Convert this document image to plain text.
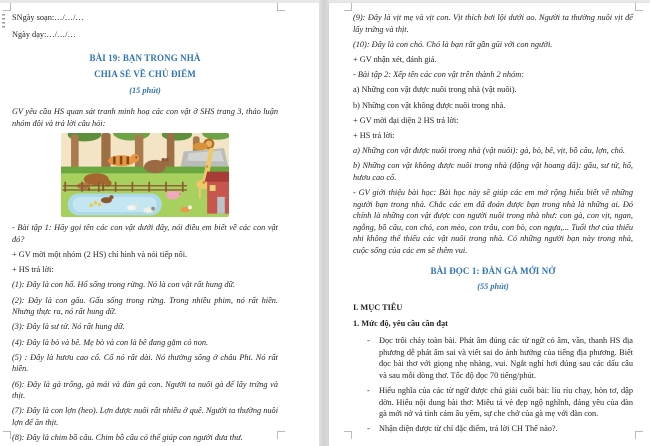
SNgày soạn:…/…/…

Ngày dạy:…/…/…

BÀI 19: BẠN TRONG NHÀ

CHIA SẺ VỀ CHỦ ĐIỂM

(15 phút)

GV yêu cầu HS quan sát tranh minh hoạ các con vật ở SHS trang 3, thảo luận nhóm đôi và trả lời câu hỏi:

- Bài tập 1: Hãy gọi tên các con vật dưới đây, nói điều em biết về các con vật đó?

+ GV mời một nhóm (2 HS) chỉ hình và nói tiếp nối.

+ HS trả lời:

(1): Đây là con hổ. Hổ sống trong rừng. Nó là con vật rất hung dữ.

(2): Đây là con gấu. Gấu sống trong rừng. Trong nhiều phim, nó rất hiền. Nhưng thực ra, nó rất hung dữ.

(3): Đây là sư tử. Nó rất hung dữ.

(4): Đây là bò và bê. Mẹ bò và con là bê đang gặm cỏ non.

(5) : Đây là hươu cao cổ. Cổ nó rất dài. Nó thường sống ở châu Phi. Nó rất hiền.

(6): Đây là gà trống, gà mái và đàn gà con. Người ta nuôi gà để lấy trứng và thịt.

(7): Đây là con lợn (heo). Lợn được nuôi rất nhiều ở quê. Người ta thường nuôi lợn để ăn thịt.

(8): Đây là chim bồ câu. Chim bồ câu có thể giúp con người đưa thư.

(9): Đây là vịt mẹ và vịt con. Vịt thích bơi lội dưới ao. Người ta thường nuôi vịt để lấy trứng và thịt.

(10): Đây là con chó. Chó là bạn rất gần gũi với con người.

+ GV nhận xét, đánh giá.

- Bài tập 2: Xếp tên các con vật trên thành 2 nhóm:

a) Những con vật được nuôi trong nhà (vật nuôi).

b) Những con vật không được nuôi trong nhà.

+ GV mời đại diện 2 HS trả lời:

+ HS trả lời:

a) Những con vật được nuôi trong nhà (vật nuôi): gà, bò, bê, vịt, bồ câu, lợn, chó.

b) Những con vật không được nuôi trong nhà (động vật hoang dã): gấu, sư tử, hổ, hươu cao cổ.

- GV giới thiệu bài học: Bài học này sẽ giúp các em mở rộng hiểu biết về những người bạn trong nhà. Chắc các em đã đoán được bạn trong nhà là những ai. Đó chính là những con vật được con người nuôi trong nhà như: con gà, con vịt, ngan, ngỗng, bồ câu, con chó, con mèo, con trâu, con bò, con ngựa,... Tuổi thơ của thiếu nhi không thể thiếu các vật nuôi trong nhà. Có những người bạn này trong nhà, cuộc sống của các em sẽ thêm vui.

BÀI ĐỌC 1: ĐÀN GÀ MỚI NỞ

(55 phút)

I. MỤC TIÊU

1. Mức độ, yêu cầu cần đạt

-	Đọc trôi chảy toàn bài. Phát âm đúng các từ ngữ có âm, vần, thanh HS địa phương dễ phát âm sai và viết sai do ảnh hưởng của tiếng địa phương. Biết đọc bài thơ với giọng nhẹ nhàng, vui. Ngắt nghỉ hơi đúng sau các dấu câu và sau mỗi dòng thơ. Tốc độ đọc 70 tiếng/phút.
-	Hiểu nghĩa của các từ ngữ được chú giải cuối bài: líu ríu chạy, hòn tơ, dập dờn. Hiểu nội dung bài thơ: Miêu tả vẻ đẹp ngộ nghĩnh, đáng yêu của đàn gà mới nở và tình cảm âu yếm, sự che chở của gà mẹ với đàn con.
-	Nhận diện được từ chỉ đặc điểm, trả lời CH Thế nào?.
